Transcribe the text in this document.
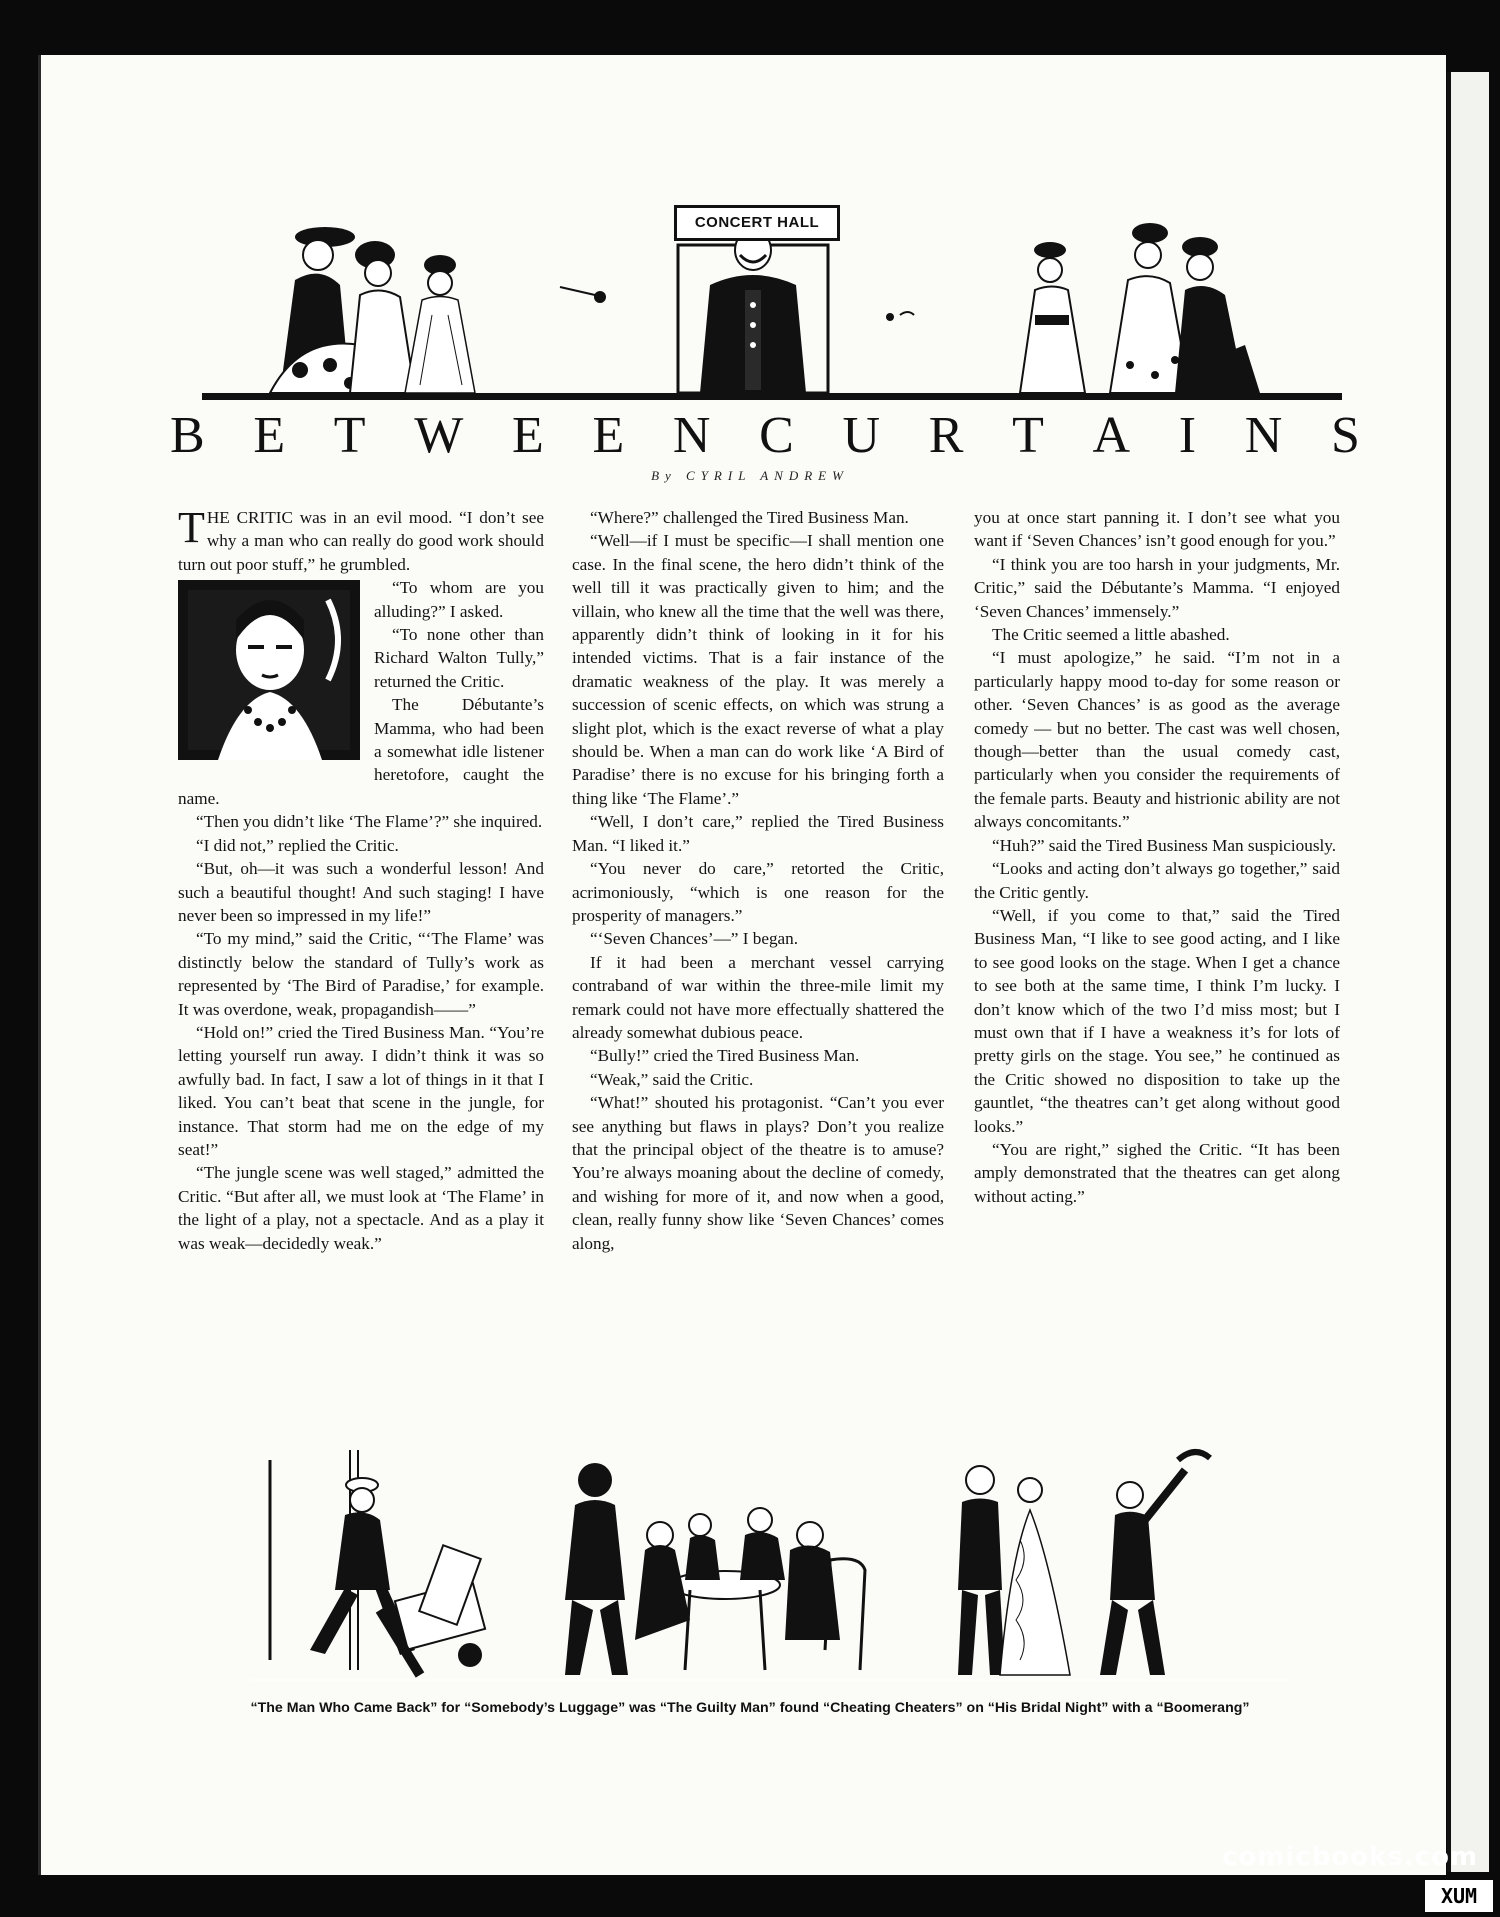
CONCERT HALL
B E T W E E N C U R T A I N S
By CYRIL ANDREW

THE CRITIC was in an evil mood. “I don’t see why a man who can really do good work should turn out poor stuff,” he grumbled.

“To whom are you alluding?” I asked.

“To none other than Richard Walton Tully,” returned the Critic.

The Débutante’s Mamma, who had been a somewhat idle listener heretofore, caught the name.

“Then you didn’t like ‘The Flame’?” she inquired.

“I did not,” replied the Critic.

“But, oh—it was such a wonderful lesson! And such a beautiful thought! And such staging! I have never been so impressed in my life!”

“To my mind,” said the Critic, “‘The Flame’ was distinctly below the standard of Tully’s work as represented by ‘The Bird of Paradise,’ for example. It was overdone, weak, propagandish——”

“Hold on!” cried the Tired Business Man. “You’re letting yourself run away. I didn’t think it was so awfully bad. In fact, I saw a lot of things in it that I liked. You can’t beat that scene in the jungle, for instance. That storm had me on the edge of my seat!”

“The jungle scene was well staged,” admitted the Critic. “But after all, we must look at ‘The Flame’ in the light of a play, not a spectacle. And as a play it was weak—decidedly weak.”

“Where?” challenged the Tired Business Man.

“Well—if I must be specific—I shall mention one case. In the final scene, the hero didn’t think of the well till it was practically given to him; and the villain, who knew all the time that the well was there, apparently didn’t think of looking in it for his intended victims. That is a fair instance of the dramatic weakness of the play. It was merely a succession of scenic effects, on which was strung a slight plot, which is the exact reverse of what a play should be. When a man can do work like ‘A Bird of Paradise’ there is no excuse for his bringing forth a thing like ‘The Flame’.”

“Well, I don’t care,” replied the Tired Business Man. “I liked it.”

“You never do care,” retorted the Critic, acrimoniously, “which is one reason for the prosperity of managers.”

“‘Seven Chances’—” I began.

If it had been a merchant vessel carrying contraband of war within the three-mile limit my remark could not have more effectually shattered the already somewhat dubious peace.

“Bully!” cried the Tired Business Man.

“Weak,” said the Critic.

“What!” shouted his protagonist. “Can’t you ever see anything but flaws in plays? Don’t you realize that the principal object of the theatre is to amuse? You’re always moaning about the decline of comedy, and wishing for more of it, and now when a good, clean, really funny show like ‘Seven Chances’ comes along,

you at once start panning it. I don’t see what you want if ‘Seven Chances’ isn’t good enough for you.”

“I think you are too harsh in your judgments, Mr. Critic,” said the Débutante’s Mamma. “I enjoyed ‘Seven Chances’ immensely.”

The Critic seemed a little abashed.

“I must apologize,” he said. “I’m not in a particularly happy mood to-day for some reason or other. ‘Seven Chances’ is as good as the average comedy — but no better. The cast was well chosen, though—better than the usual comedy cast, particularly when you consider the requirements of the female parts. Beauty and histrionic ability are not always concomitants.”

“Huh?” said the Tired Business Man suspiciously.

“Looks and acting don’t always go together,” said the Critic gently.

“Well, if you come to that,” said the Tired Business Man, “I like to see good acting, and I like to see good looks on the stage. When I get a chance to see both at the same time, I think I’m lucky. I don’t know which of the two I’d miss most; but I must own that if I have a weakness it’s for lots of pretty girls on the stage. You see,” he continued as the Critic showed no disposition to take up the gauntlet, “the theatres can’t get along without good looks.”

“You are right,” sighed the Critic. “It has been amply demonstrated that the theatres can get along without acting.”

“The Man Who Came Back” for “Somebody’s Luggage” was “The Guilty Man” found “Cheating Cheaters” on “His Bridal Night” with a “Boomerang”
comicbooks.com
XUM
